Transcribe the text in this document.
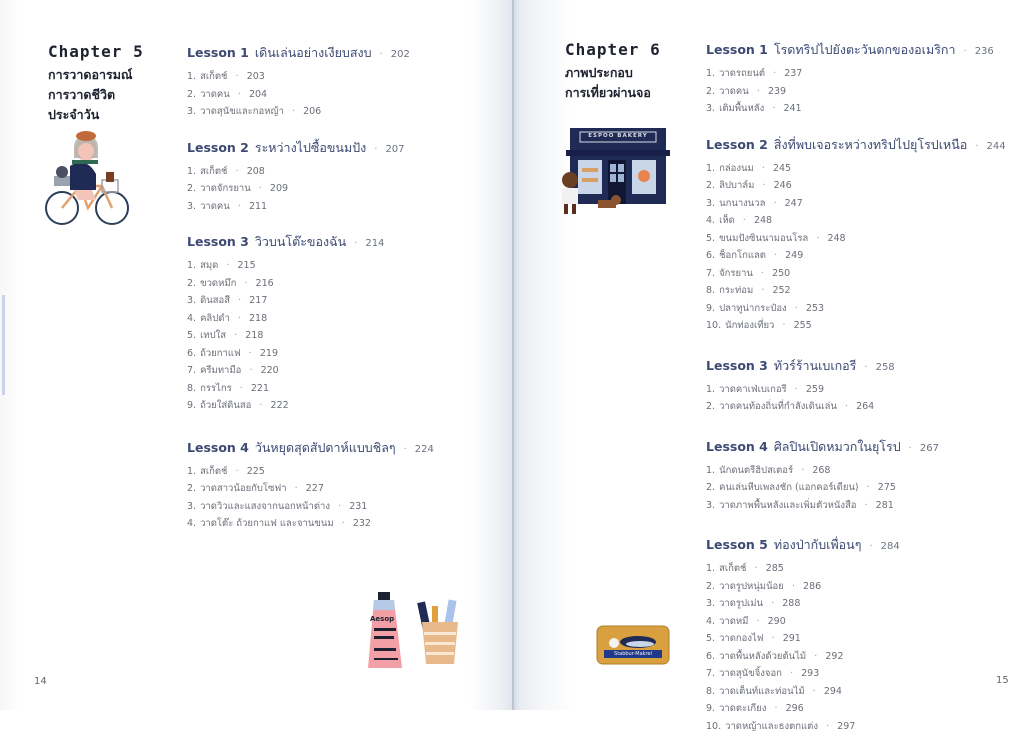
Chapter 5
การวาดอารมณ์
การวาดชีวิต
ประจำวัน
Lesson 1 เดินเล่นอย่างเงียบสงบ · 202
1. สเก็ตช์ · 203
2. วาดคน · 204
3. วาดสุนัขและกอหญ้า · 206
Lesson 2 ระหว่างไปซื้อขนมปัง · 207
1. สเก็ตช์ · 208
2. วาดจักรยาน · 209
3. วาดคน · 211
Lesson 3 วิวบนโต๊ะของฉัน · 214
1. สมุด · 215
2. ขวดหมึก · 216
3. ดินสอสี · 217
4. คลิปดำ · 218
5. เทปใส · 218
6. ถ้วยกาแฟ · 219
7. ครีมทามือ · 220
8. กรรไกร · 221
9. ถ้วยใส่ดินสอ · 222
Lesson 4 วันหยุดสุดสัปดาห์แบบชิลๆ · 224
1. สเก็ตช์ · 225
2. วาดสาวน้อยกับโซฟา · 227
3. วาดวิวและแสงจากนอกหน้าต่าง · 231
4. วาดโต๊ะ ถ้วยกาแฟ และจานขนม · 232
Aesop
14
Chapter 6
ภาพประกอบ
การเที่ยวผ่านจอ
ESPOO BAKERY
Lesson 1 โรดทริปไปยังตะวันตกของอเมริกา · 236
1. วาดรถยนต์ · 237
2. วาดคน · 239
3. เติมพื้นหลัง · 241
Lesson 2 สิ่งที่พบเจอระหว่างทริปไปยุโรปเหนือ · 244
1. กล่องนม · 245
2. ลิปบาล์ม · 246
3. นกนางนวล · 247
4. เห็ด · 248
5. ขนมปังซินนามอนโรล · 248
6. ช็อกโกแลต · 249
7. จักรยาน · 250
8. กระท่อม · 252
9. ปลาทูน่ากระป๋อง · 253
10. นักท่องเที่ยว · 255
Lesson 3 ทัวร์ร้านเบเกอรี · 258
1. วาดคาเฟ่เบเกอรี · 259
2. วาดคนท้องถิ่นที่กำลังเดินเล่น · 264
Lesson 4 ศิลปินเปิดหมวกในยุโรป · 267
1. นักดนตรีฮิปสเตอร์ · 268
2. คนเล่นหีบเพลงชัก (แอกคอร์เดียน) · 275
3. วาดภาพพื้นหลังและเพิ่มตัวหนังสือ · 281
Lesson 5 ท่องป่ากับเพื่อนๆ · 284
1. สเก็ตช์ · 285
2. วาดรูปหนุ่มน้อย · 286
3. วาดรูปเม่น · 288
4. วาดหมี · 290
5. วาดกองไฟ · 291
6. วาดพื้นหลังด้วยต้นไม้ · 292
7. วาดสุนัขจิ้งจอก · 293
8. วาดเต็นท์และท่อนไม้ · 294
9. วาดตะเกียง · 296
10. วาดหญ้าและธงตกแต่ง · 297
Stabbur-Makrel
15
